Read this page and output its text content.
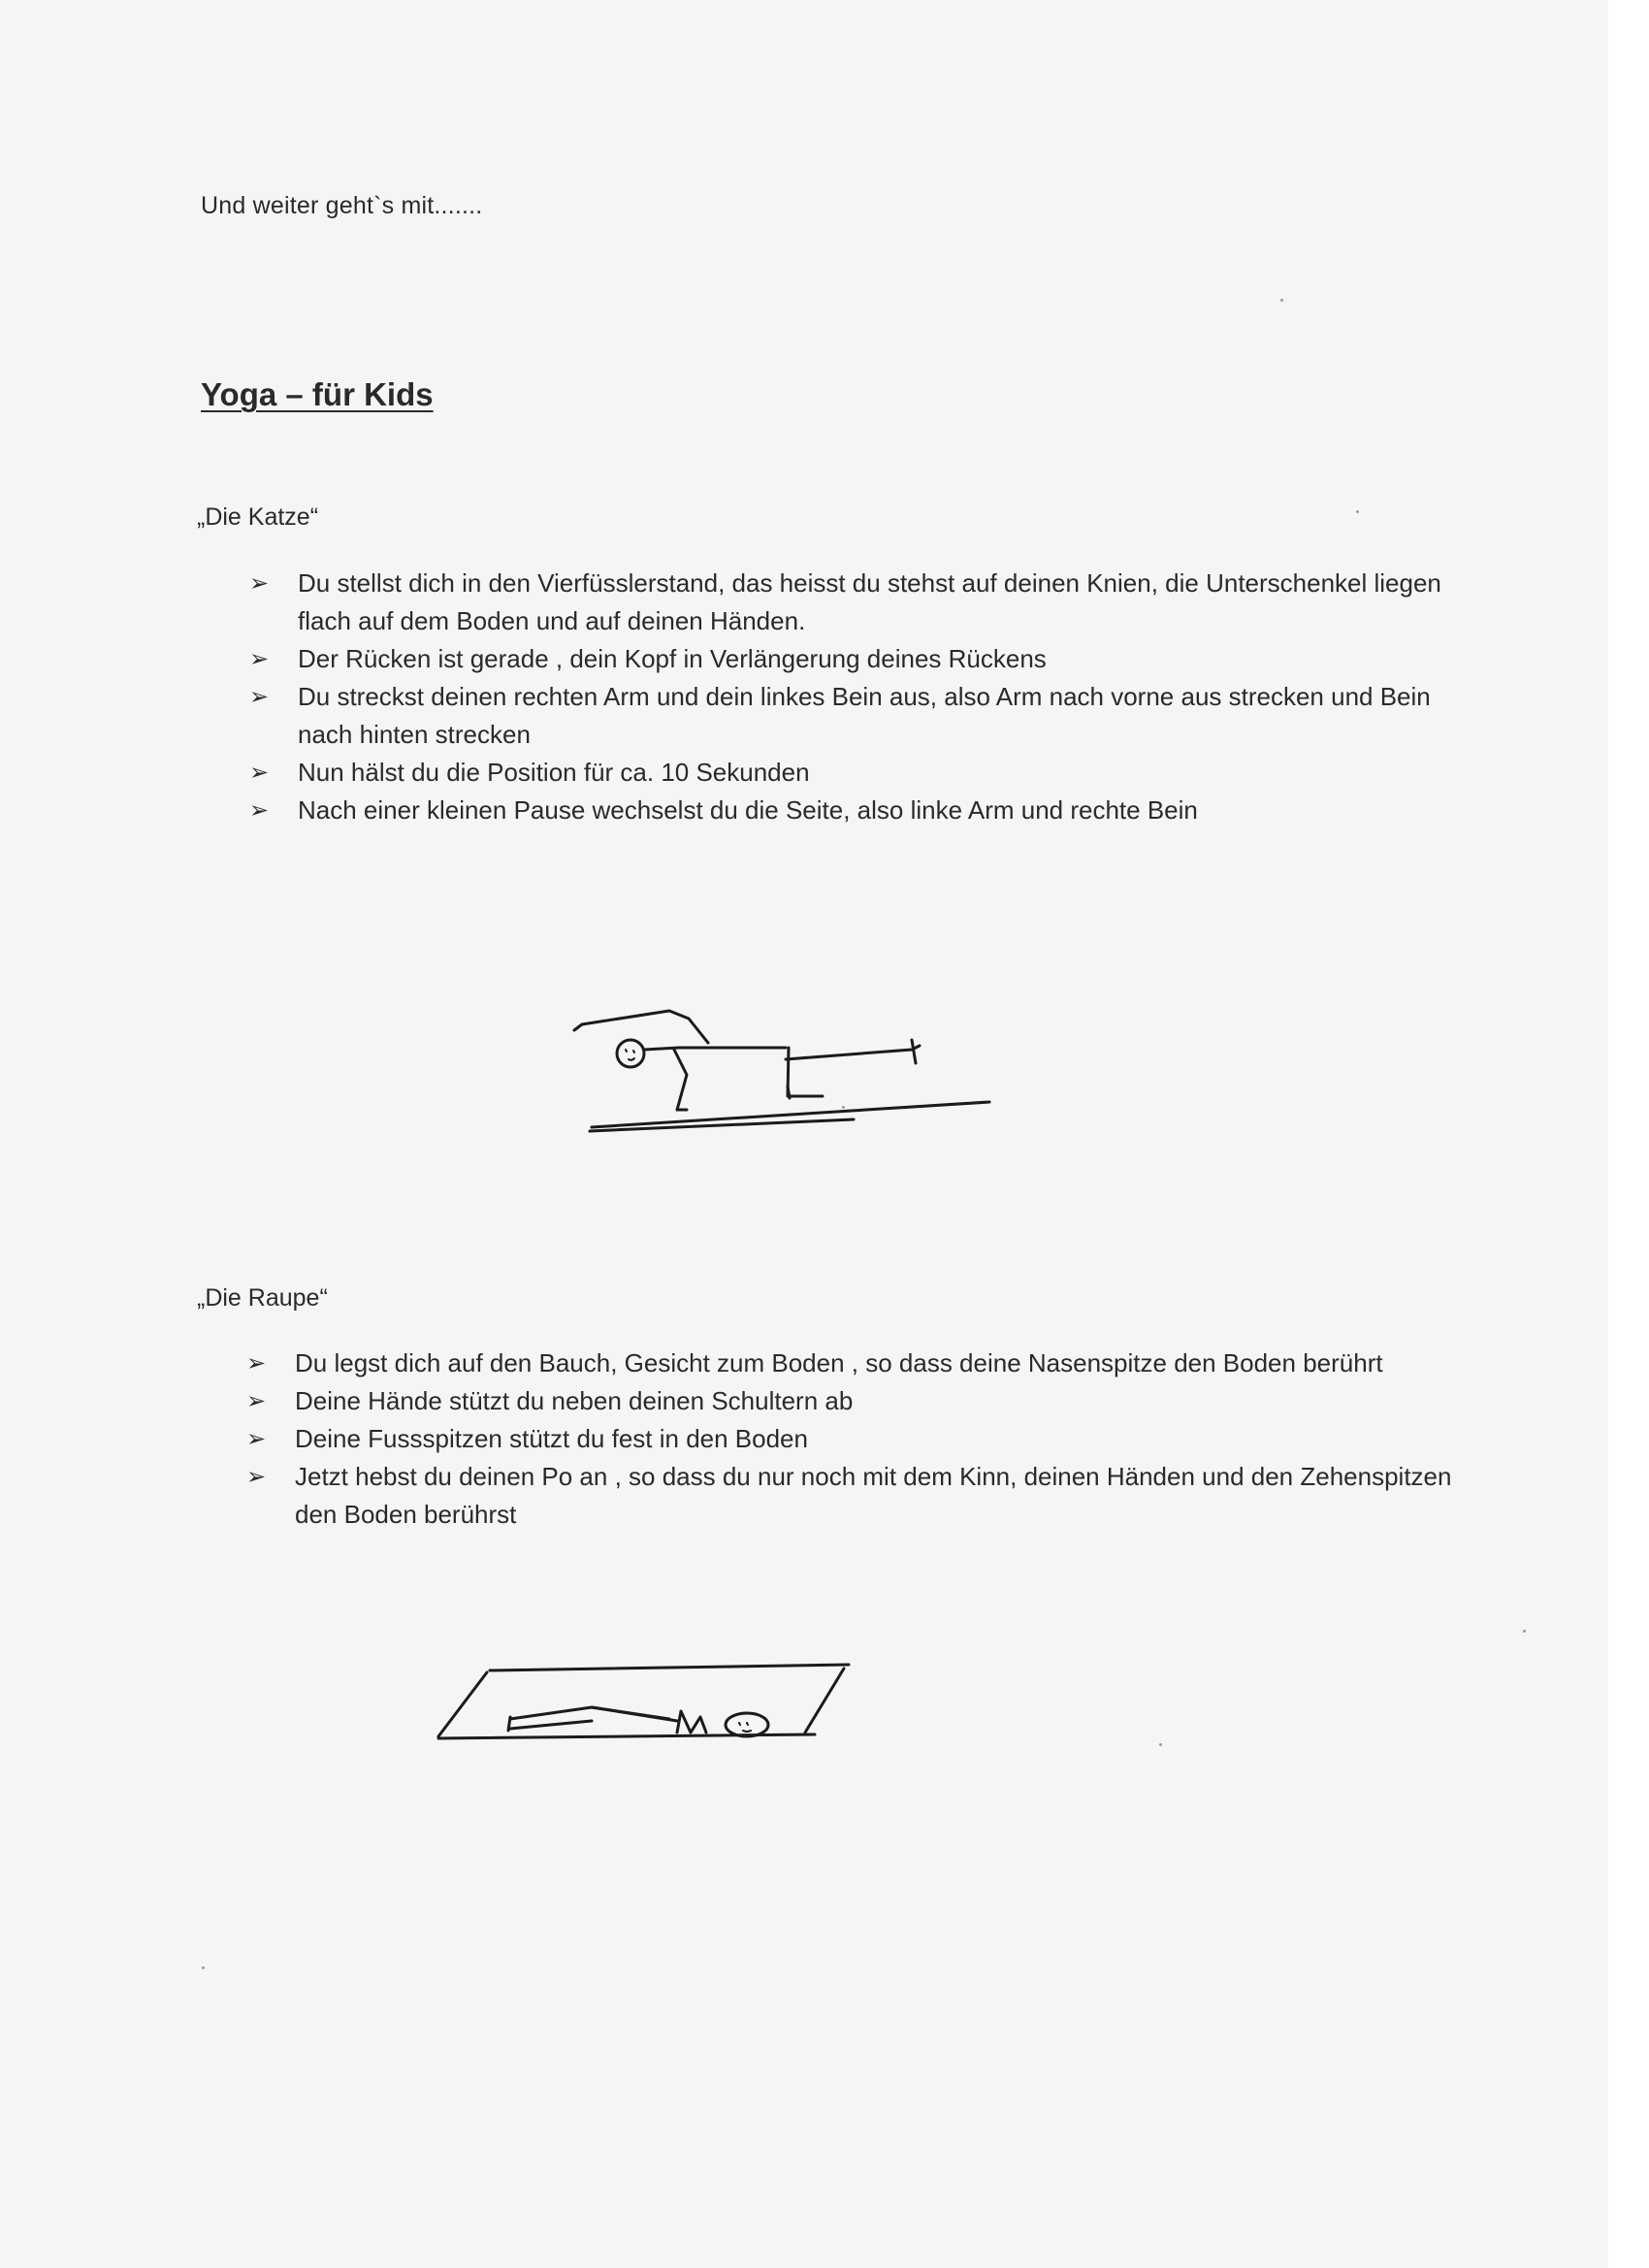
Und weiter geht`s mit.......
Yoga – für Kids
„Die Katze“
➢ Du stellst dich in den Vierfüsslerstand, das heisst du stehst auf deinen Knien, die Unterschenkel liegen flach auf dem Boden und auf deinen Händen.
➢ Der Rücken ist gerade , dein Kopf in Verlängerung deines Rückens
➢ Du streckst deinen rechten Arm und dein linkes Bein aus, also Arm nach vorne aus strecken und Bein nach hinten strecken
➢ Nun hälst du die Position für ca. 10 Sekunden
➢ Nach einer kleinen Pause wechselst du die Seite, also linke Arm und rechte Bein
„Die Raupe“
➢ Du legst dich auf den Bauch, Gesicht zum Boden , so dass deine Nasenspitze den Boden berührt
➢ Deine Hände stützt du neben deinen Schultern ab
➢ Deine Fussspitzen stützt du fest in den Boden
➢ Jetzt hebst du deinen Po an , so dass du nur noch mit dem Kinn, deinen Händen und den Zehenspitzen den Boden berührst
